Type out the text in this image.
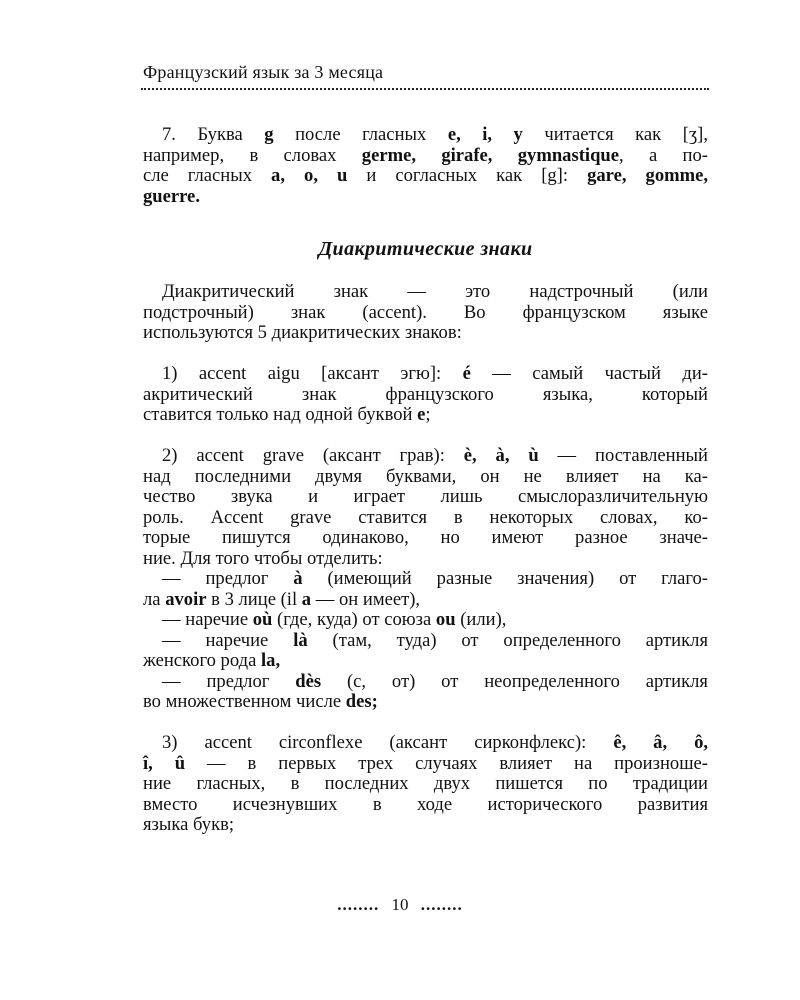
Французский язык за 3 месяца
7. Буква g после гласных e, i, y читается как [ʒ],
например, в словах germe, girafe, gymnastique, а по-
сле гласных a, o, u и согласных как [g]: gare, gomme,
guerre.
Диакритические знаки
Диакритический знак — это надстрочный (или
подстрочный) знак (accent). Во французском языке
используются 5 диакритических знаков:
1) accent aigu [аксант эгю]: é — самый частый ди-
акритический знак французского языка, который
ставится только над одной буквой e;
2) accent grave (аксант грав): è, à, ù — поставленный
над последними двумя буквами, он не влияет на ка-
чество звука и играет лишь смыслоразличительную
роль. Accent grave ставится в некоторых словах, ко-
торые пишутся одинаково, но имеют разное значе-
ние. Для того чтобы отделить:
— предлог à (имеющий разные значения) от глаго-
ла avoir в 3 лице (il a — он имеет),
— наречие où (где, куда) от союза ou (или),
— наречие là (там, туда) от определенного артикля
женского рода la,
— предлог dès (с, от) от неопределенного артикля
во множественном числе des;
3) accent circonflexe (аксант сирконфлекс): ê, â, ô,
î, û — в первых трех случаях влияет на произноше-
ние гласных, в последних двух пишется по традиции
вместо исчезнувших в ходе исторического развития
языка букв;
........ 10 ........
